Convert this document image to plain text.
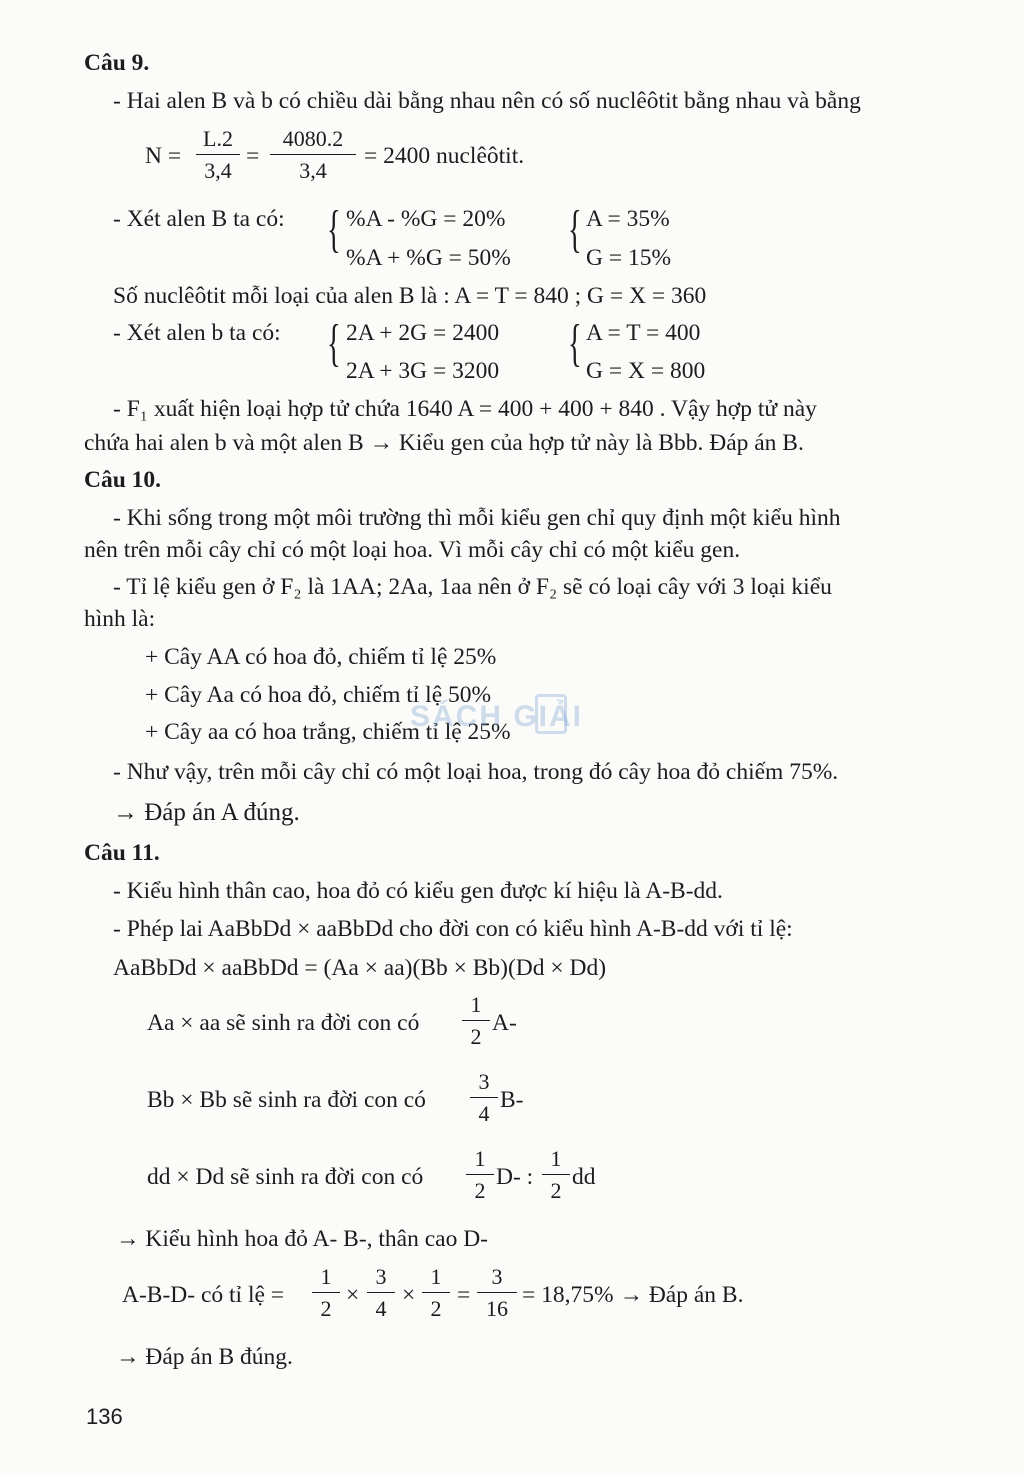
Câu 9.
- Hai alen B và b có chiều dài bằng nhau nên có số nuclêôtit bằng nhau và bằng
$N = \frac{L.2}{3,4} = \frac{4080.2}{3,4} = 2400$ nuclêôtit.
- Xét alen B ta có: { %A - %G = 20%
%A + %G = 50% { A = 35%
G = 15%
Số nuclêôtit mỗi loại của alen B là : A = T = 840 ; G = X = 360
- Xét alen b ta có: { 2A + 2G = 2400
2A + 3G = 3200 { A = T = 400
G = X = 800
- F₁ xuất hiện loại hợp tử chứa 1640 A = 400 + 400 + 840 . Vậy hợp tử này
chứa hai alen b và một alen B → Kiểu gen của hợp tử này là Bbb. Đáp án B.
Câu 10.
- Khi sống trong một môi trường thì mỗi kiểu gen chỉ quy định một kiểu hình
nên trên mỗi cây chỉ có một loại hoa. Vì mỗi cây chỉ có một kiểu gen.
- Tỉ lệ kiểu gen ở F₂ là 1AA; 2Aa, 1aa nên ở F₂ sẽ có loại cây với 3 loại kiểu
hình là:
+ Cây AA có hoa đỏ, chiếm tỉ lệ 25%
+ Cây Aa có hoa đỏ, chiếm tỉ lệ 50%
+ Cây aa có hoa trắng, chiếm tỉ lệ 25%
- Như vậy, trên mỗi cây chỉ có một loại hoa, trong đó cây hoa đỏ chiếm 75%.
→ Đáp án A đúng.
Câu 11.
- Kiểu hình thân cao, hoa đỏ có kiểu gen được kí hiệu là A-B-dd.
- Phép lai AaBbDd × aaBbDd cho đời con có kiểu hình A-B-dd với tỉ lệ:
AaBbDd × aaBbDd = (Aa × aa)(Bb × Bb)(Dd × Dd)
Aa × aa sẽ sinh ra đời con có $\frac{1}{2} A-$
Bb × Bb sẽ sinh ra đời con có $\frac{3}{4} B-$
dd × Dd sẽ sinh ra đời con có $\frac{1}{2} D-$ : $\frac{1}{2}$ dd
→ Kiểu hình hoa đỏ A- B-, thân cao D-
A-B-D- có tỉ lệ = $\frac{1}{2} \times \frac{3}{4} \times \frac{1}{2} = \frac{3}{16} = 18,75\%$ → Đáp án B.
→ Đáp án B đúng.
SÁCH GIẢI
136
